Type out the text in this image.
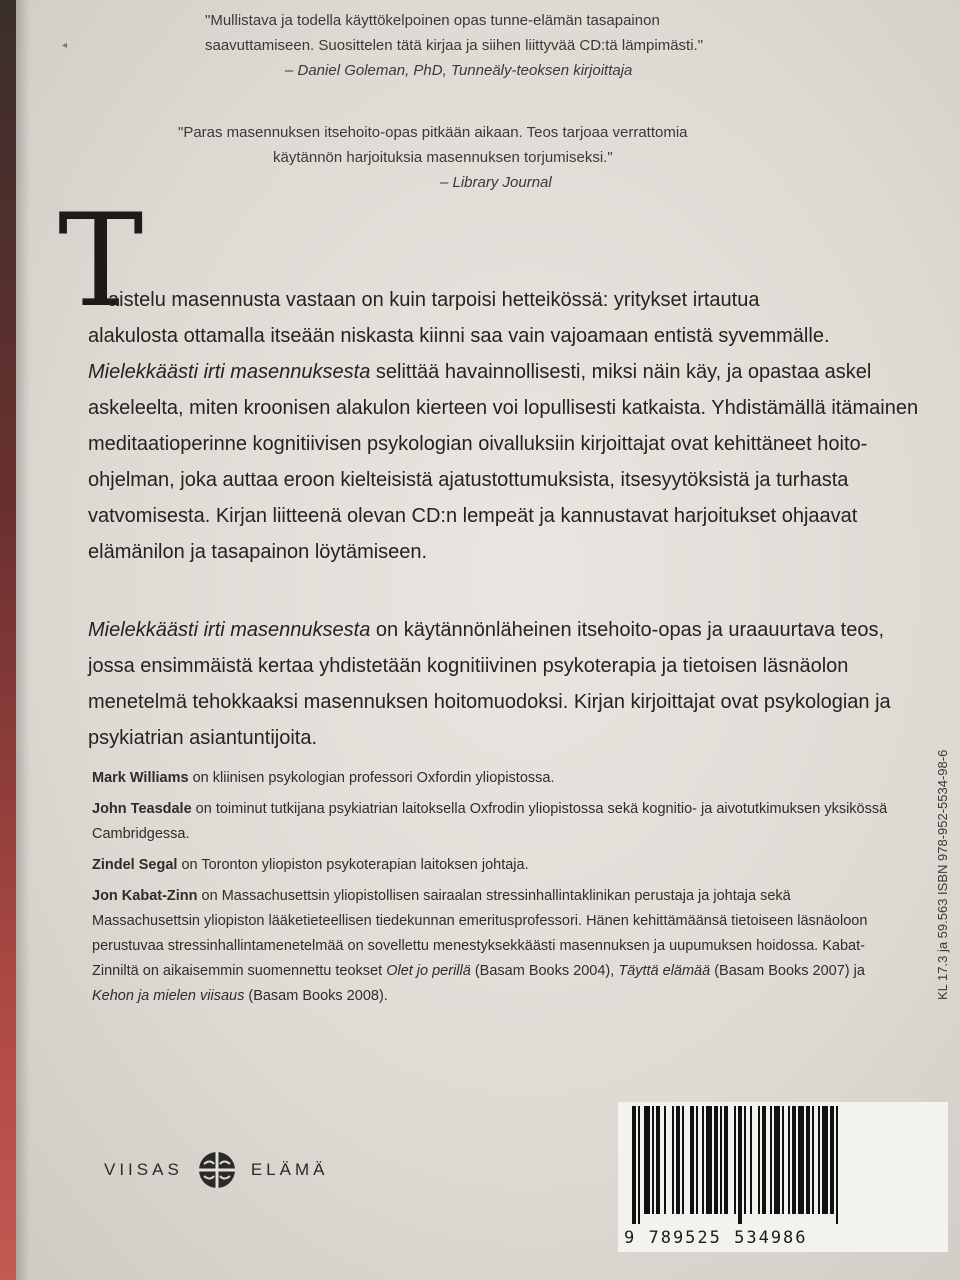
◂
"Mullistava ja todella käyttökelpoinen opas tunne-elämän tasapainon
saavuttamiseen. Suosittelen tätä kirjaa ja siihen liittyvää CD:tä lämpimästi."
– Daniel Goleman, PhD, Tunneäly-teoksen kirjoittaja
"Paras masennuksen itsehoito-opas pitkään aikaan. Teos tarjoaa verrattomia
käytännön harjoituksia masennuksen torjumiseksi."
– Library Journal
T

aistelu masennusta vastaan on kuin tarpoisi hetteikössä: yritykset irtautua

alakulosta ottamalla itseään niskasta kiinni saa vain vajoamaan entistä syvemmälle.

Mielekkäästi irti masennuksesta selittää havainnollisesti, miksi näin käy, ja opastaa askel askeleelta, miten kroonisen alakulon kierteen voi lopullisesti katkaista. Yhdistämällä itämainen meditaatioperinne kognitiivisen psykologian oivalluksiin kirjoittajat ovat kehittäneet hoito-ohjelman, joka auttaa eroon kielteisistä ajatustottumuksista, itsesyytöksistä ja turhasta vatvomisesta. Kirjan liitteenä olevan CD:n lempeät ja kannustavat harjoitukset ohjaavat elämänilon ja tasapainon löytämiseen.

Mielekkäästi irti masennuksesta on käytännönläheinen itsehoito-opas ja uraauurtava teos, jossa ensimmäistä kertaa yhdistetään kognitiivinen psykoterapia ja tietoisen läsnäolon menetelmä tehokkaaksi masennuksen hoitomuodoksi. Kirjan kirjoittajat ovat psykologian ja psykiatrian asiantuntijoita.

Mark Williams on kliinisen psykologian professori Oxfordin yliopistossa.
John Teasdale on toiminut tutkijana psykiatrian laitoksella Oxfrodin yliopistossa sekä kognitio- ja aivotutkimuksen yksikössä Cambridgessa.
Zindel Segal on Toronton yliopiston psykoterapian laitoksen johtaja.
Jon Kabat-Zinn on Massachusettsin yliopistollisen sairaalan stressinhallintaklinikan perustaja ja johtaja sekä Massachusettsin yliopiston lääketieteellisen tiedekunnan emeritusprofessori. Hänen kehittämäänsä tietoiseen läsnäoloon perustuvaa stressinhallintamenetelmää on sovellettu menestyksekkäästi masennuksen ja uupumuksen hoidossa. Kabat-Zinniltä on aikaisemmin suomennettu teokset Olet jo perillä (Basam Books 2004), Täyttä elämää (Basam Books 2007) ja Kehon ja mielen viisaus (Basam Books 2008).	KL 17.3 ja 59.563 ISBN 978-952-5534-98-6
VIISAS	ELÄMÄ
9 789525 534986
